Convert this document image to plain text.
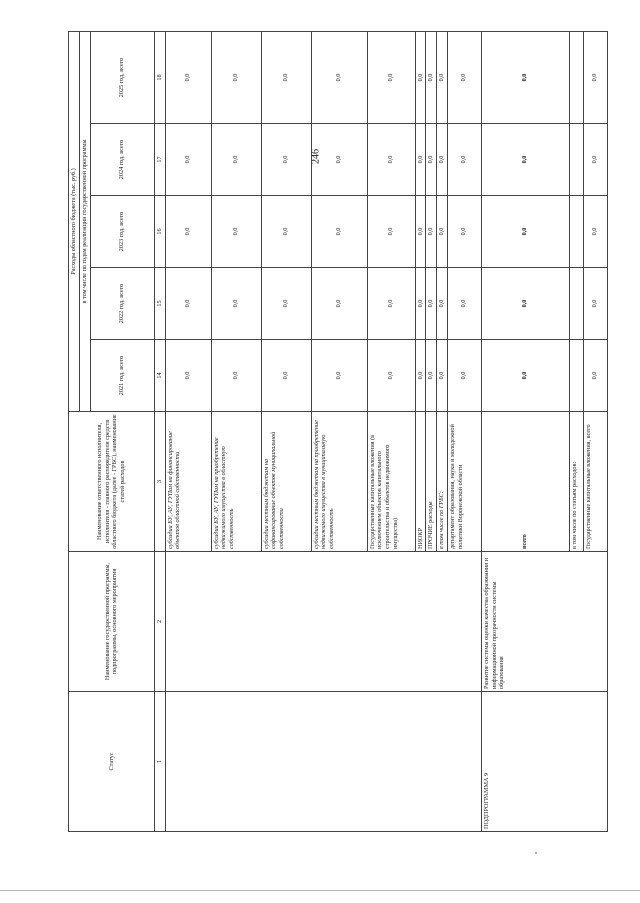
246
Статус	Наименование государственной программы, подпрограммы, основного мероприятия	Наименование ответственного исполнителя, исполнителя - главного распорядителя средств областного бюджета (далее - ГРБС), наименование статей расходов	Расходы областного бюджета (тыс. руб.)				
			в том числе по годам реализации государственной программы				
			2021 год, всего	2022 год, всего	2023 год, всего	2024 год, всего	2025 год, всего
1	2	3	14	15	16	17	18
		субсидии БУ, АУ, ГУПам на финансирование объектов областной собственности	0,0	0,0	0,0	0,0	0,0
		субсидии БУ, АУ, ГУПам на приобретение недвижимого имущества в областную собственность	0,0	0,0	0,0	0,0	0,0
		субсидии местным бюджетам на софинансирование объектов муниципальной собственности	0,0	0,0	0,0	0,0	0,0
		субсидии местным бюджетам на приобретение недвижимого имущества в муниципальную собственность	0,0	0,0	0,0	0,0	0,0
		Государственные капитальные вложения (в исключением объектов капитального строительства и объектов недвижимого имущества)	0,0	0,0	0,0	0,0	0,0
		НИОКР	0,0	0,0	0,0	0,0	0,0
		ПРОЧИЕ расходы	0,0	0,0	0,0	0,0	0,0
		в том числе по ГРБС:	0,0	0,0	0,0	0,0	0,0
		департамент образования, науки и молодежной политики Воронежской области	0,0	0,0	0,0	0,0	0,0
ПОДПРОГРАММА 9	Развитие системы оценки качества образования и информационной прозрачности системы образования	всего	0,0	0,0	0,0	0,0	0,0
		в том числе по статьям расходов:					
		Государственные капитальные вложения, всего	0,0	0,0	0,0	0,0	0,0
